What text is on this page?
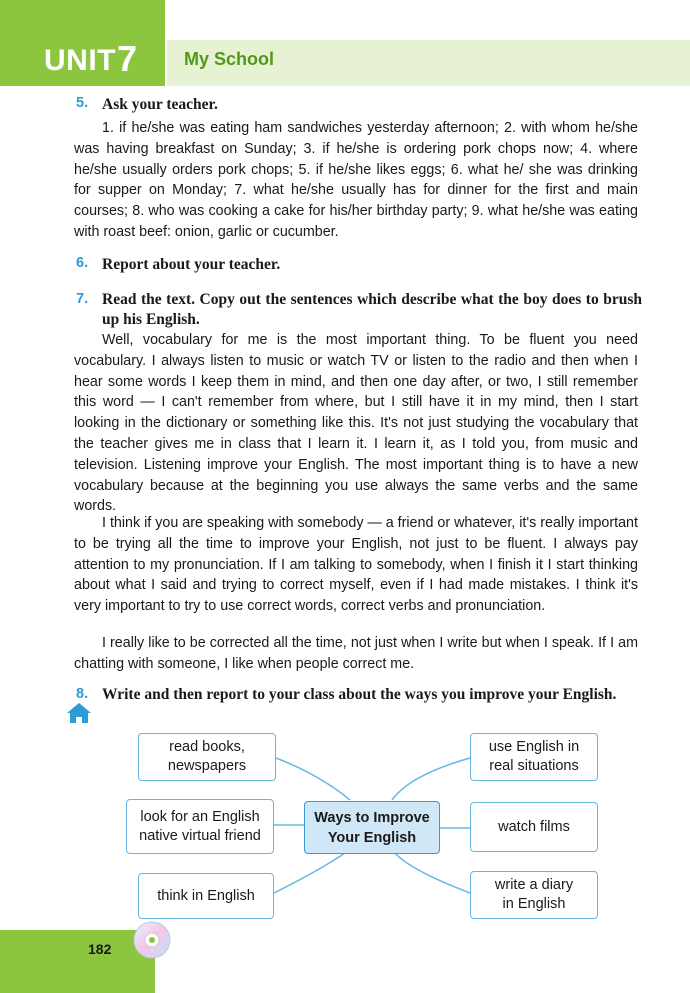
UNIT 7	My School
5. Ask your teacher.

1. if he/she was eating ham sandwiches yesterday afternoon; 2. with whom he/she was having breakfast on Sunday; 3. if he/she is ordering pork chops now; 4. where he/she usually orders pork chops; 5. if he/she likes eggs; 6. what he/ she was drinking for supper on Monday; 7. what he/she usually has for dinner for the first and main courses; 8. who was cooking a cake for his/her birthday party; 9. what he/she was eating with roast beef: onion, garlic or cucumber.

6. Report about your teacher.
7. Read the text. Copy out the sentences which describe what the boy does to brush up his English.

Well, vocabulary for me is the most important thing. To be fluent you need vocabulary. I always listen to music or watch TV or listen to the radio and then when I hear some words I keep them in mind, and then one day after, or two, I still remember this word — I can't remember from where, but I still have it in my mind, then I start looking in the dictionary or something like this. It's not just studying the vocabulary that the teacher gives me in class that I learn it. I learn it, as I told you, from music and television. Listening improve your English. The most important thing is to have a new vocabulary because at the beginning you use always the same verbs and the same words.

I think if you are speaking with somebody — a friend or whatever, it's really important to be trying all the time to improve your English, not just to be fluent. I always pay attention to my pronunciation. If I am talking to somebody, when I finish it I start thinking about what I said and trying to correct myself, even if I had made mistakes. I think it's very important to try to use correct words, correct verbs and pronunciation.

I really like to be corrected all the time, not just when I write but when I speak. If I am chatting with someone, I like when people correct me.

8. Write and then report to your class about the ways you improve your English.
read books,
newspapers
look for an English
native virtual friend
think in English
use English in
real situations
watch films
write a diary
in English
Ways to Improve
Your English
182
